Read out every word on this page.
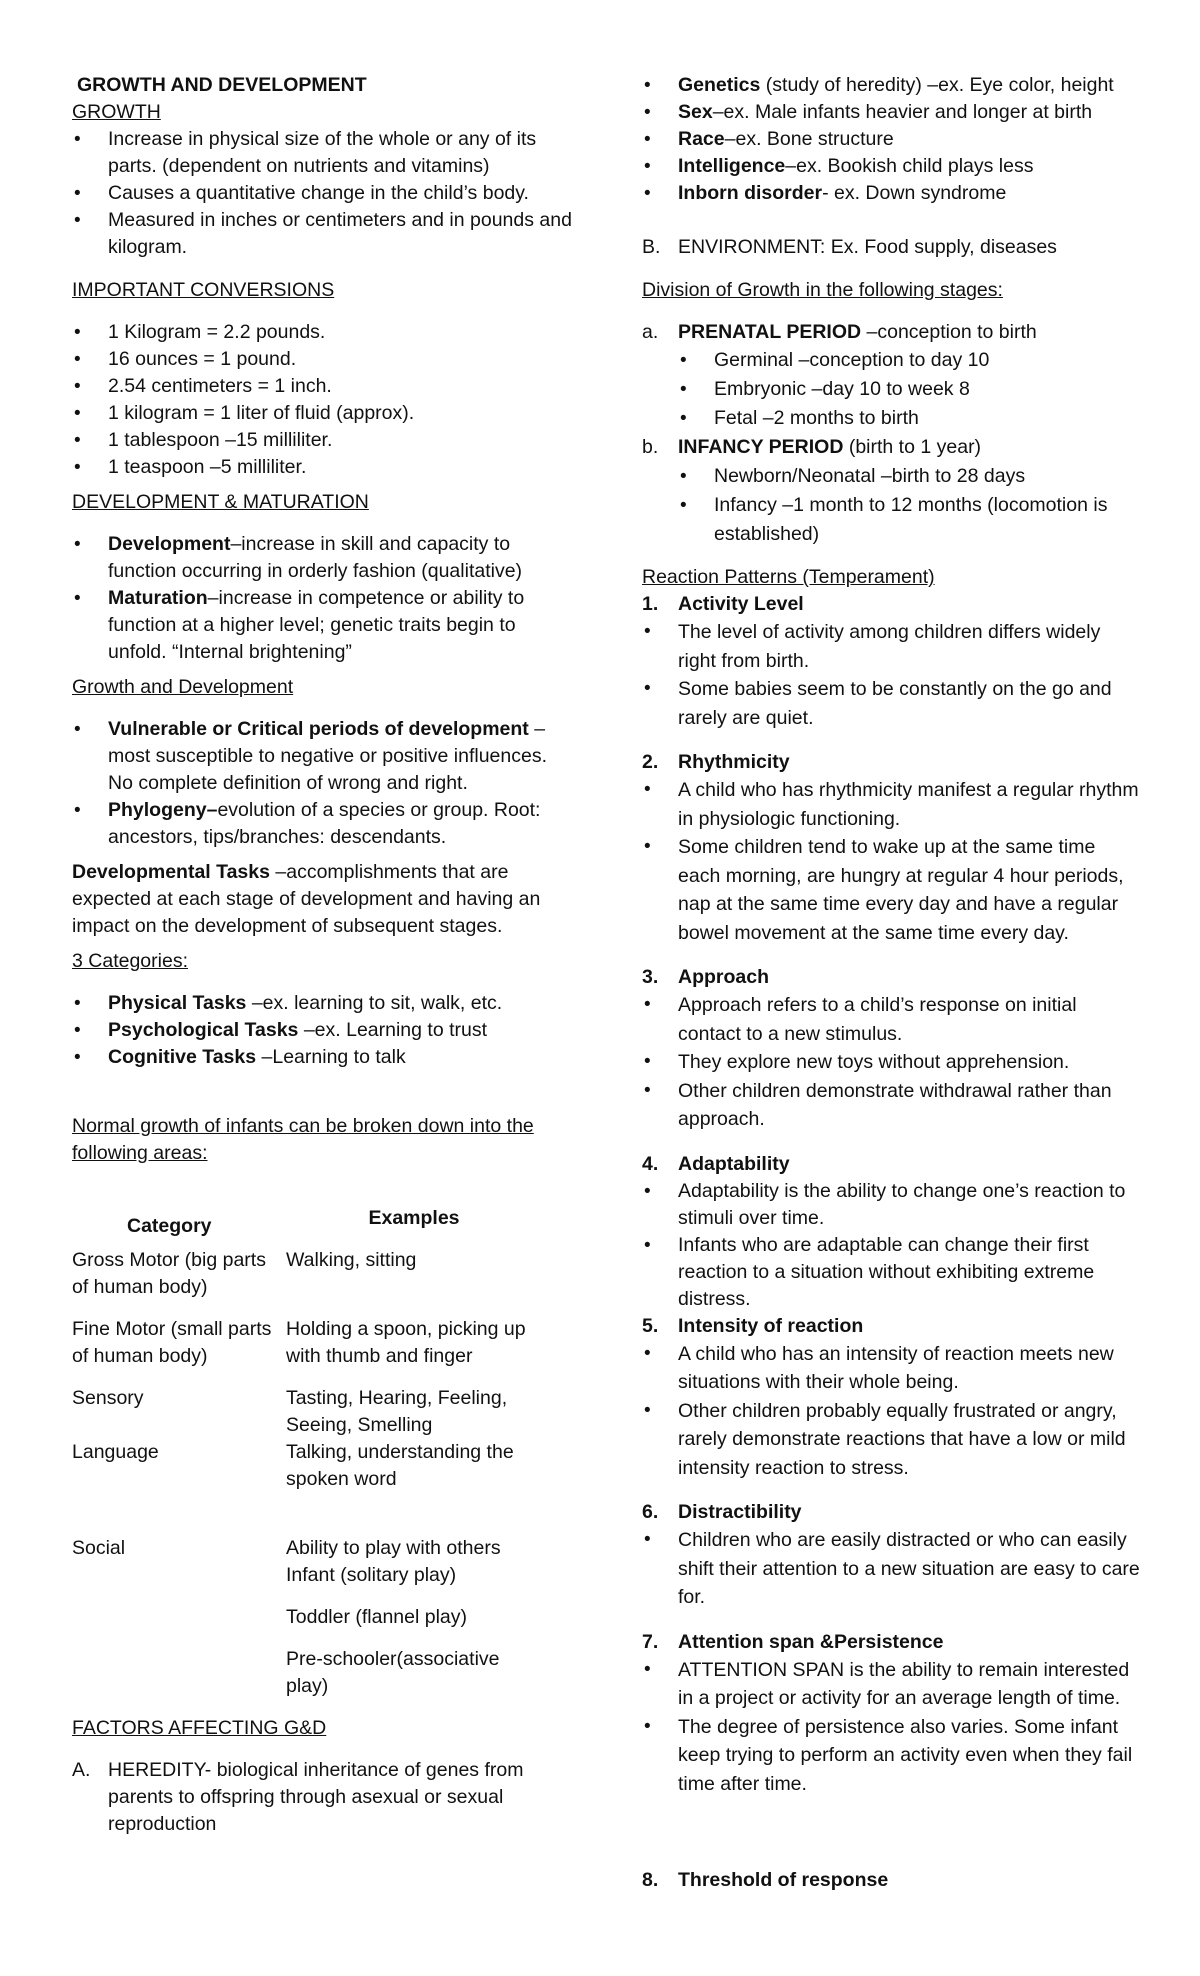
GROWTH AND DEVELOPMENT

GROWTH

• Increase in physical size of the whole or any of its parts. (dependent on nutrients and vitamins)
• Causes a quantitative change in the child’s body.
• Measured in inches or centimeters and in pounds and kilogram.

IMPORTANT CONVERSIONS

• 1 Kilogram = 2.2 pounds.
• 16 ounces = 1 pound.
• 2.54 centimeters = 1 inch.
• 1 kilogram = 1 liter of fluid (approx).
• 1 tablespoon –15 milliliter.
• 1 teaspoon –5 milliliter.

DEVELOPMENT & MATURATION

• Development–increase in skill and capacity to function occurring in orderly fashion (qualitative)
• Maturation–increase in competence or ability to function at a higher level; genetic traits begin to unfold. “Internal brightening”

Growth and Development

• Vulnerable or Critical periods of development – most susceptible to negative or positive influences. No complete definition of wrong and right.
• Phylogeny–evolution of a species or group. Root: ancestors, tips/branches: descendants.

Developmental Tasks –accomplishments that are expected at each stage of development and having an impact on the development of subsequent stages.

3 Categories:

• Physical Tasks –ex. learning to sit, walk, etc.
• Psychological Tasks –ex. Learning to trust
• Cognitive Tasks –Learning to talk

Normal growth of infants can be broken down into the following areas:

Category	Examples
Gross Motor (big parts of human body)	Walking, sitting
Fine Motor (small parts of human body)	Holding a spoon, picking up with thumb and finger
Sensory	Tasting, Hearing, Feeling, Seeing, Smelling
Language	Talking, understanding the spoken word
Social	Ability to play with others Infant (solitary play)

Toddler (flannel play)

Pre-schooler(associative play)

FACTORS AFFECTING G&D

A. HEREDITY- biological inheritance of genes from parents to offspring through asexual or sexual reproduction
• Genetics (study of heredity) –ex. Eye color, height
• Sex–ex. Male infants heavier and longer at birth
• Race–ex. Bone structure
• Intelligence–ex. Bookish child plays less
• Inborn disorder- ex. Down syndrome
B. ENVIRONMENT: Ex. Food supply, diseases

Division of Growth in the following stages:

a. PRENATAL PERIOD –conception to birth
• Germinal –conception to day 10
• Embryonic –day 10 to week 8
• Fetal –2 months to birth
b. INFANCY PERIOD (birth to 1 year)
• Newborn/Neonatal –birth to 28 days
• Infancy –1 month to 12 months (locomotion is established)

Reaction Patterns (Temperament)

1. Activity Level

• The level of activity among children differs widely right from birth.
• Some babies seem to be constantly on the go and rarely are quiet.

2. Rhythmicity

• A child who has rhythmicity manifest a regular rhythm in physiologic functioning.
• Some children tend to wake up at the same time each morning, are hungry at regular 4 hour periods, nap at the same time every day and have a regular bowel movement at the same time every day.

3. Approach

• Approach refers to a child’s response on initial contact to a new stimulus.
• They explore new toys without apprehension.
• Other children demonstrate withdrawal rather than approach.

4. Adaptability

• Adaptability is the ability to change one’s reaction to stimuli over time.
• Infants who are adaptable can change their first reaction to a situation without exhibiting extreme distress.

5. Intensity of reaction

• A child who has an intensity of reaction meets new situations with their whole being.
• Other children probably equally frustrated or angry, rarely demonstrate reactions that have a low or mild intensity reaction to stress.

6. Distractibility

• Children who are easily distracted or who can easily shift their attention to a new situation are easy to care for.

7. Attention span &Persistence

• ATTENTION SPAN is the ability to remain interested in a project or activity for an average length of time.
• The degree of persistence also varies. Some infant keep trying to perform an activity even when they fail time after time.

8. Threshold of response
